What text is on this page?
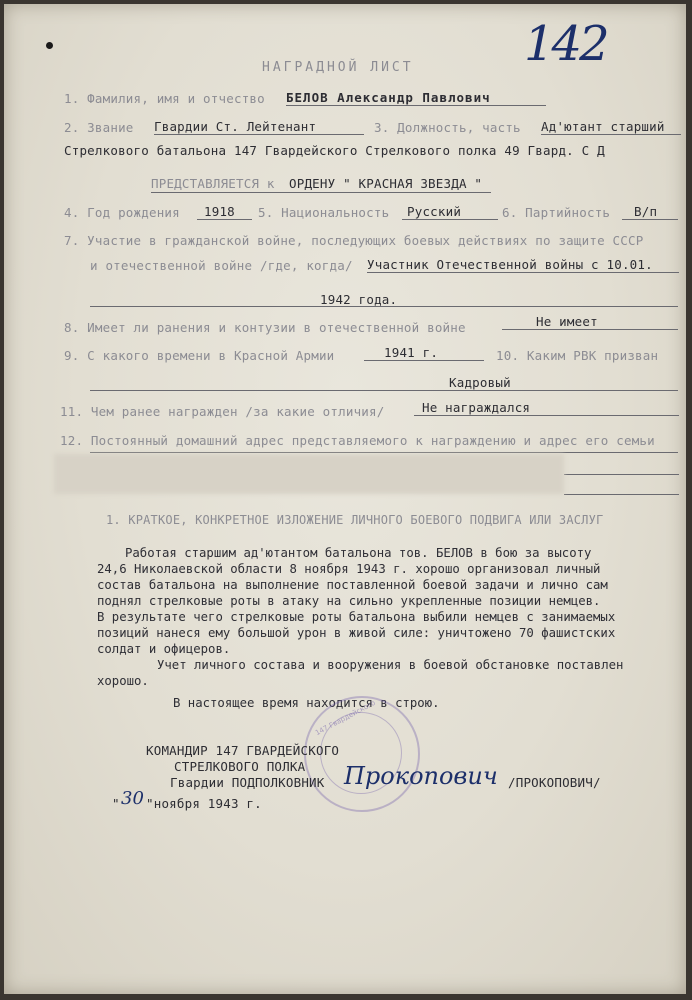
142
НАГРАДНОЙ ЛИСТ
1. Фамилия, имя и отчество БЕЛОВ Александр Павлович
2. Звание Гвардии Ст. Лейтенант	3. Должность, часть Ад'ютант старший
Стрелкового батальона 147 Гвардейского Стрелкового полка 49 Гвард. С Д
ПРЕДСТАВЛЯЕТСЯ к ОРДЕНУ " КРАСНАЯ ЗВЕЗДА "
4. Год рождения 1918 5. Национальность Русский	6. Партийность В/п
7. Участие в гражданской войне, последующих боевых действиях по защите СССР
и отечественной войне /где, когда/ Участник Отечественной войны с 10.01.
1942 года.
8. Имеет ли ранения и контузии в отечественной войне	Не имеет
9. С какого времени в Красной Армии	1941 г.	10. Каким РВК призван
Кадровый
11. Чем ранее награжден /за какие отличия/	Не награждался
12. Постоянный домашний адрес представляемого к награждению и адрес его семьи
1. КРАТКОЕ, КОНКРЕТНОЕ ИЗЛОЖЕНИЕ ЛИЧНОГО БОЕВОГО ПОДВИГА ИЛИ ЗАСЛУГ

Работая старшим ад'ютантом батальона тов. БЕЛОВ в бою за высоту

24,6 Николаевской области 8 ноября 1943 г. хорошо организовал личный

состав батальона на выполнение поставленной боевой задачи и лично сам

поднял стрелковые роты в атаку на сильно укрепленные позиции немцев.

В результате чего стрелковые роты батальона выбили немцев с занимаемых

позиций нанеся ему большой урон в живой силе: уничтожено 70 фашистских

солдат и офицеров.

Учет личного состава и вооружения в боевой обстановке поставлен

хорошо.

В настоящее время находится в строю.

147 Гвардейского
КОМАНДИР 147 ГВАРДЕЙСКОГО
СТРЕЛКОВОГО ПОЛКА
Гвардии ПОДПОЛКОВНИК Прокопович /ПРОКОПОВИЧ/
" 30 "ноября 1943 г.
